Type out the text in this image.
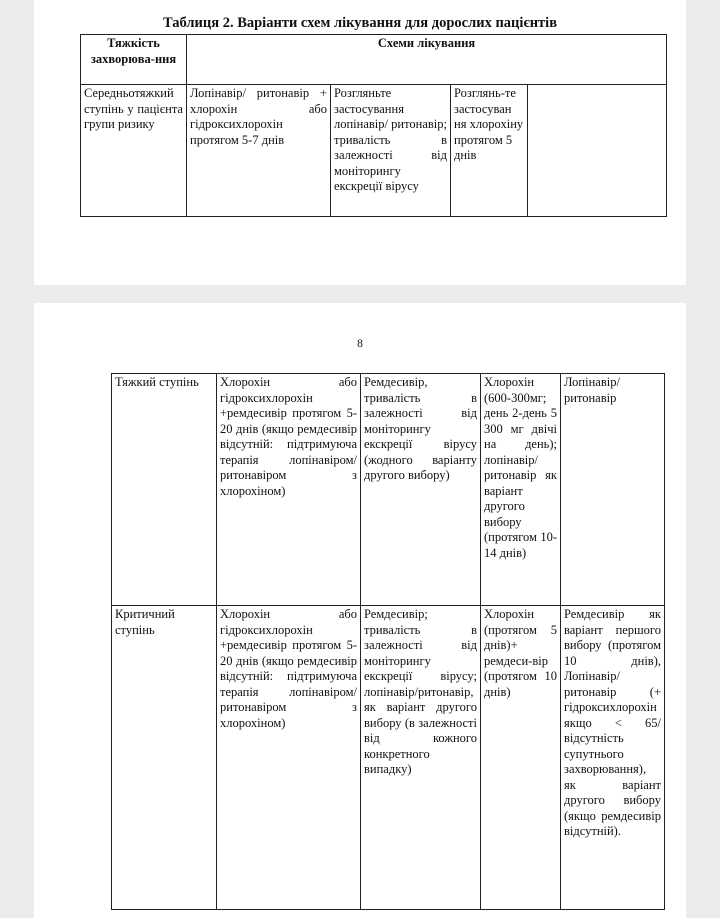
Таблиця 2. Варіанти схем лікування для дорослих пацієнтів
Тяжкість захворюва-ння	Схеми лікування			
Середньотяжкий ступінь у пацієнта групи ризику	Лопінавір/ ритонавір + хлорохін або гідроксихлорохін протягом 5-7 днів	Розгляньте застосування лопінавір/ ритонавір; тривалість в залежності від моніторингу екскреції вірусу	Розглянь-те застосуван ня хлорохіну протягом 5 днів	
8
Тяжкий ступінь	Хлорохін або гідроксихлорохін +ремдесивір протягом 5-20 днів (якщо ремдесивір відсутній: підтримуюча терапія лопінавіром/ритонавіром з хлорохіном)	Ремдесивір, тривалість в залежності від моніторингу екскреції вірусу (жодного варіанту другого вибору)	Хлорохін (600-300мг; день 2-день 5 300 мг двічі на день); лопінавір/ ритонавір як варіант другого вибору (протягом 10-14 днів)	Лопінавір/ ритонавір
Критичний ступінь	Хлорохін або гідроксихлорохін +ремдесивір протягом 5-20 днів (якщо ремдесивір відсутній: підтримуюча терапія лопінавіром/ ритонавіром з хлорохіном)	Ремдесивір; тривалість в залежності від моніторингу екскреції вірусу; лопінавір/ритонавір, як варіант другого вибору (в залежності від кожного конкретного випадку)	Хлорохін (протягом 5 днів)+ ремдеси-вір (протягом 10 днів)	Ремдесивір як варіант першого вибору (протягом 10 днів), Лопінавір/ ритонавір (+ гідроксихлорохін якщо < 65/відсутність супутнього захворювання), як варіант другого вибору (якщо ремдесивір відсутній).
